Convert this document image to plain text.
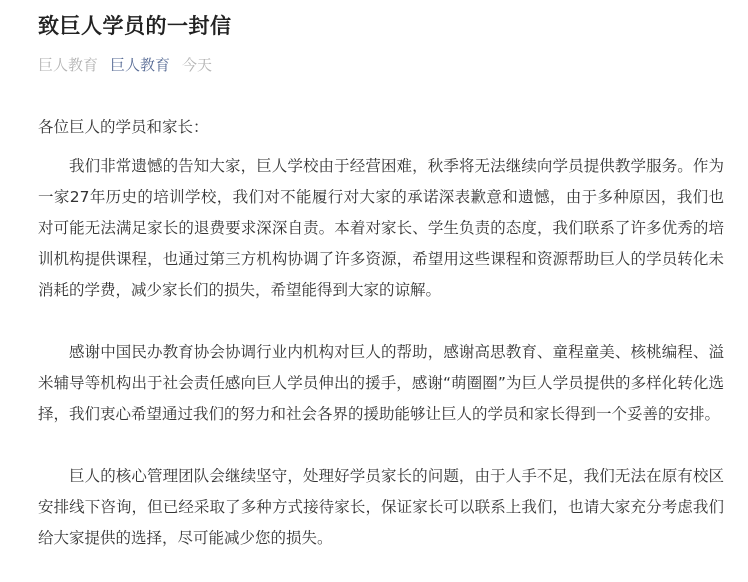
致巨人学员的一封信
巨人教育 巨人教育 今天

各位巨人的学员和家长：

我们非常遗憾的告知大家，巨人学校由于经营困难，秋季将无法继续向学员提供教学服务。作为一家27年历史的培训学校，我们对不能履行对大家的承诺深表歉意和遗憾，由于多种原因，我们也对可能无法满足家长的退费要求深深自责。本着对家长、学生负责的态度，我们联系了许多优秀的培训机构提供课程，也通过第三方机构协调了许多资源，希望用这些课程和资源帮助巨人的学员转化未消耗的学费，减少家长们的损失，希望能得到大家的谅解。

感谢中国民办教育协会协调行业内机构对巨人的帮助，感谢高思教育、童程童美、核桃编程、溢米辅导等机构出于社会责任感向巨人学员伸出的援手，感谢“萌圈圈”为巨人学员提供的多样化转化选择，我们衷心希望通过我们的努力和社会各界的援助能够让巨人的学员和家长得到一个妥善的安排。

巨人的核心管理团队会继续坚守，处理好学员家长的问题，由于人手不足，我们无法在原有校区安排线下咨询，但已经采取了多种方式接待家长，保证家长可以联系上我们，也请大家充分考虑我们给大家提供的选择，尽可能减少您的损失。
